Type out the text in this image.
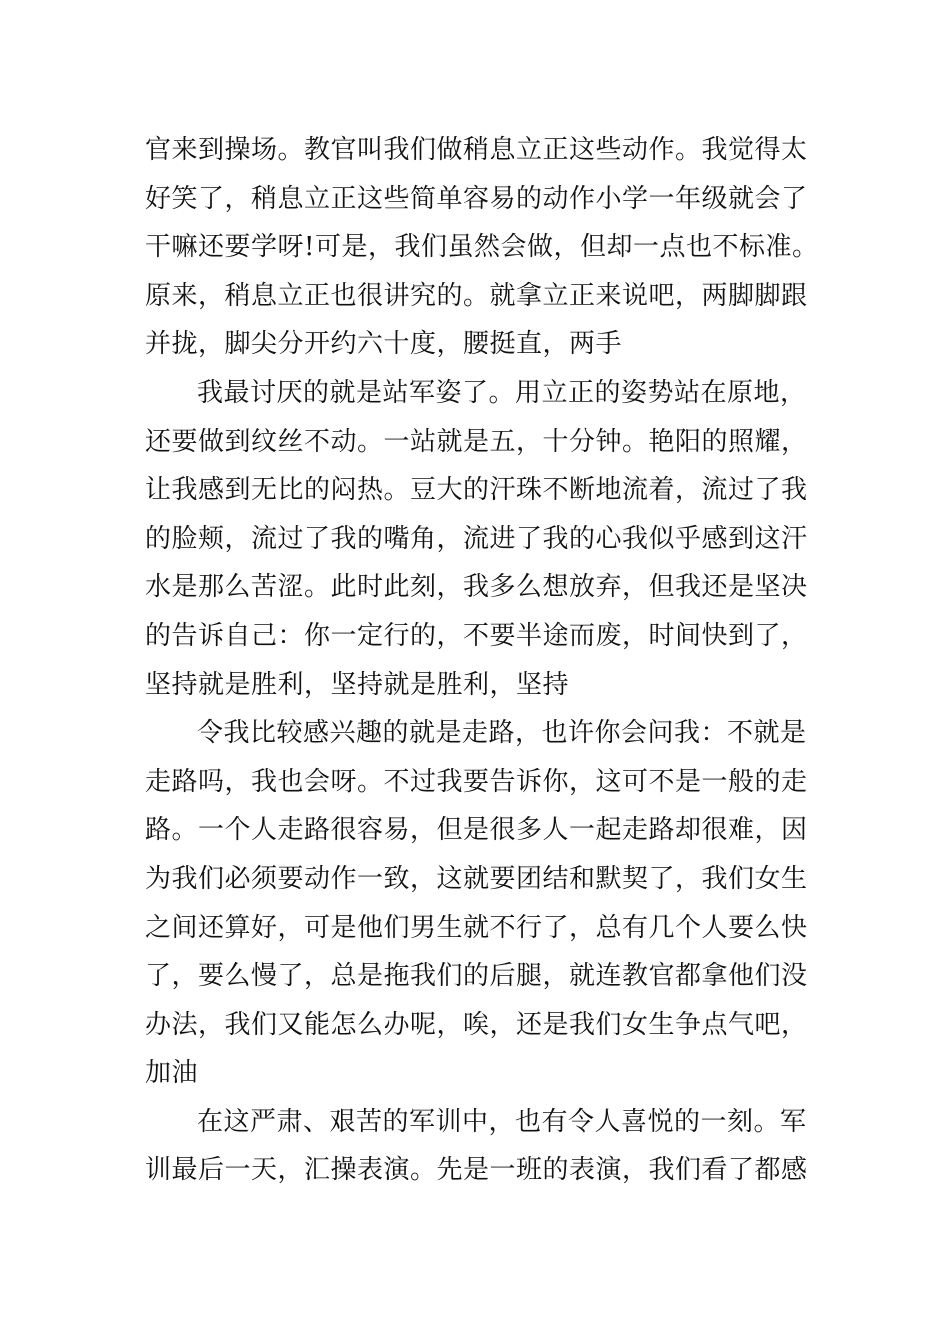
官来到操场。教官叫我们做稍息立正这些动作。我觉得太
好笑了，稍息立正这些简单容易的动作小学一年级就会了
干嘛还要学呀!可是，我们虽然会做，但却一点也不标准。
原来，稍息立正也很讲究的。就拿立正来说吧，两脚脚跟
并拢，脚尖分开约六十度，腰挺直，两手
我最讨厌的就是站军姿了。用立正的姿势站在原地，
还要做到纹丝不动。一站就是五，十分钟。艳阳的照耀，
让我感到无比的闷热。豆大的汗珠不断地流着，流过了我
的脸颊，流过了我的嘴角，流进了我的心我似乎感到这汗
水是那么苦涩。此时此刻，我多么想放弃，但我还是坚决
的告诉自己：你一定行的，不要半途而废，时间快到了，
坚持就是胜利，坚持就是胜利，坚持
令我比较感兴趣的就是走路，也许你会问我：不就是
走路吗，我也会呀。不过我要告诉你，这可不是一般的走
路。一个人走路很容易，但是很多人一起走路却很难，因
为我们必须要动作一致，这就要团结和默契了，我们女生
之间还算好，可是他们男生就不行了，总有几个人要么快
了，要么慢了，总是拖我们的后腿，就连教官都拿他们没
办法，我们又能怎么办呢，唉，还是我们女生争点气吧，
加油
在这严肃、艰苦的军训中，也有令人喜悦的一刻。军
训最后一天，汇操表演。先是一班的表演，我们看了都感
